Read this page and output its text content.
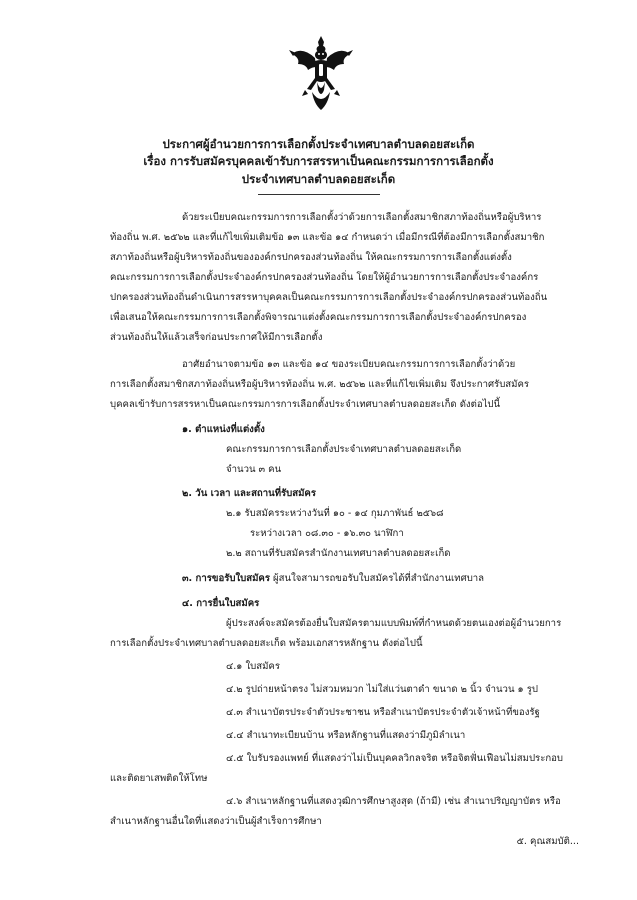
ประกาศผู้อำนวยการการเลือกตั้งประจำเทศบาลตำบลดอยสะเก็ด
เรื่อง การรับสมัครบุคคลเข้ารับการสรรหาเป็นคณะกรรมการการเลือกตั้ง
ประจำเทศบาลตำบลดอยสะเก็ด
ด้วยระเบียบคณะกรรมการการเลือกตั้งว่าด้วยการเลือกตั้งสมาชิกสภาท้องถิ่นหรือผู้บริหาร
ท้องถิ่น พ.ศ. ๒๕๖๒ และที่แก้ไขเพิ่มเติมข้อ ๑๓ และข้อ ๑๔ กำหนดว่า เมื่อมีกรณีที่ต้องมีการเลือกตั้งสมาชิก
สภาท้องถิ่นหรือผู้บริหารท้องถิ่นขององค์กรปกครองส่วนท้องถิ่น ให้คณะกรรมการการเลือกตั้งแต่งตั้ง
คณะกรรมการการเลือกตั้งประจำองค์กรปกครองส่วนท้องถิ่น โดยให้ผู้อำนวยการการเลือกตั้งประจำองค์กร
ปกครองส่วนท้องถิ่นดำเนินการสรรหาบุคคลเป็นคณะกรรมการการเลือกตั้งประจำองค์กรปกครองส่วนท้องถิ่น
เพื่อเสนอให้คณะกรรมการการเลือกตั้งพิจารณาแต่งตั้งคณะกรรมการการเลือกตั้งประจำองค์กรปกครอง
ส่วนท้องถิ่นให้แล้วเสร็จก่อนประกาศให้มีการเลือกตั้ง
อาศัยอำนาจตามข้อ ๑๓ และข้อ ๑๔ ของระเบียบคณะกรรมการการเลือกตั้งว่าด้วย
การเลือกตั้งสมาชิกสภาท้องถิ่นหรือผู้บริหารท้องถิ่น พ.ศ. ๒๕๖๒ และที่แก้ไขเพิ่มเติม จึงประกาศรับสมัคร
บุคคลเข้ารับการสรรหาเป็นคณะกรรมการการเลือกตั้งประจำเทศบาลตำบลดอยสะเก็ด ดังต่อไปนี้
๑. ตำแหน่งที่แต่งตั้ง
คณะกรรมการการเลือกตั้งประจำเทศบาลตำบลดอยสะเก็ด
จำนวน ๓ คน
๒. วัน เวลา และสถานที่รับสมัคร
๒.๑ รับสมัครระหว่างวันที่ ๑๐ - ๑๔ กุมภาพันธ์ ๒๕๖๘
ระหว่างเวลา ๐๘.๓๐ - ๑๖.๓๐ นาฬิกา
๒.๒ สถานที่รับสมัครสำนักงานเทศบาลตำบลดอยสะเก็ด
๓. การขอรับใบสมัคร ผู้สนใจสามารถขอรับใบสมัครได้ที่สำนักงานเทศบาล
๔. การยื่นใบสมัคร
ผู้ประสงค์จะสมัครต้องยื่นใบสมัครตามแบบพิมพ์ที่กำหนดด้วยตนเองต่อผู้อำนวยการ
การเลือกตั้งประจำเทศบาลตำบลดอยสะเก็ด พร้อมเอกสารหลักฐาน ดังต่อไปนี้
๔.๑ ใบสมัคร
๔.๒ รูปถ่ายหน้าตรง ไม่สวมหมวก ไม่ใส่แว่นตาดำ ขนาด ๒ นิ้ว จำนวน ๑ รูป
๔.๓ สำเนาบัตรประจำตัวประชาชน หรือสำเนาบัตรประจำตัวเจ้าหน้าที่ของรัฐ
๔.๔ สำเนาทะเบียนบ้าน หรือหลักฐานที่แสดงว่ามีภูมิลำเนา
๔.๕ ใบรับรองแพทย์ ที่แสดงว่าไม่เป็นบุคคลวิกลจริต หรือจิตฟั่นเฟือนไม่สมประกอบ
และติดยาเสพติดให้โทษ
๔.๖ สำเนาหลักฐานที่แสดงวุฒิการศึกษาสูงสุด (ถ้ามี) เช่น สำเนาปริญญาบัตร หรือ
สำเนาหลักฐานอื่นใดที่แสดงว่าเป็นผู้สำเร็จการศึกษา
๕. คุณสมบัติ...
